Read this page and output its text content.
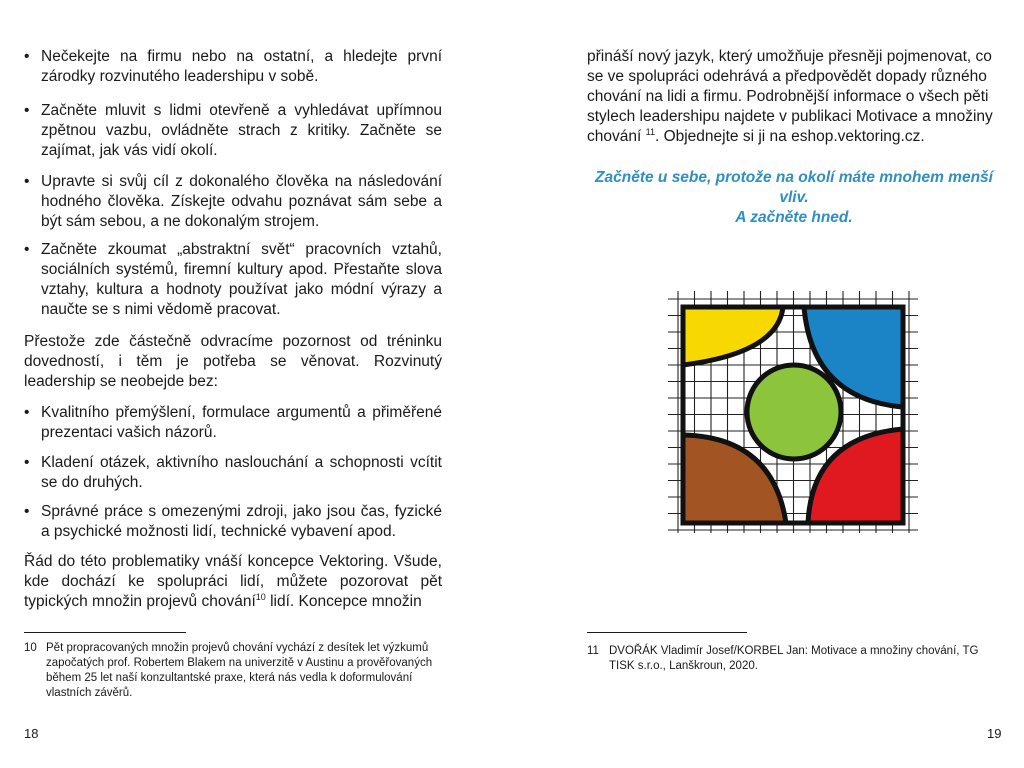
• Nečekejte na firmu nebo na ostatní, a hledejte první zárodky rozvinutého leadershipu v sobě.
• Začněte mluvit s lidmi otevřeně a vyhledávat upřímnou zpětnou vazbu, ovládněte strach z kritiky. Začněte se zajímat, jak vás vidí okolí.
• Upravte si svůj cíl z dokonalého člověka na následování hodného člověka. Získejte odvahu poznávat sám sebe a být sám sebou, a ne dokonalým strojem.
• Začněte zkoumat „abstraktní svět“ pracovních vztahů, sociálních systémů, firemní kultury apod. Přestaňte slova vztahy, kultura a hodnoty používat jako módní výrazy a naučte se s nimi vědomě pracovat.
Přestože zde částečně odvracíme pozornost od tréninku dovedností, i těm je potřeba se věnovat. Rozvinutý leadership se neobejde bez:
• Kvalitního přemýšlení, formulace argumentů a přiměřené prezentaci vašich názorů.
• Kladení otázek, aktivního naslouchání a schopnosti vcítit se do druhých.
• Správné práce s omezenými zdroji, jako jsou čas, fyzické a psychické možnosti lidí, technické vybavení apod.
Řád do této problematiky vnáší koncepce Vektoring. Všude, kde dochází ke spolupráci lidí, můžete pozorovat pět typických množin projevů chování$^{10}$ lidí. Koncepce množin
10 Pět propracovaných množin projevů chování vychází z desítek let výzkumů započatých prof. Robertem Blakem na univerzitě v Austinu a prověřovaných během 25 let naší konzultantské praxe, která nás vedla k doformulování vlastních závěrů.
18
přináší nový jazyk, který umožňuje přesněji pojmenovat, co se ve spolupráci odehrává a předpovědět dopady různého chování na lidi a firmu. Podrobnější informace o všech pěti stylech leadershipu najdete v publikaci Motivace a množiny chování $^{11}$. Objednejte si ji na eshop.vektoring.cz.
Začněte u sebe, protože na okolí máte mnohem menší vliv.
A začněte hned.
11 DVOŘÁK Vladimír Josef/KORBEL Jan: Motivace a množiny chování, TG TISK s.r.o., Lanškroun, 2020.
19
